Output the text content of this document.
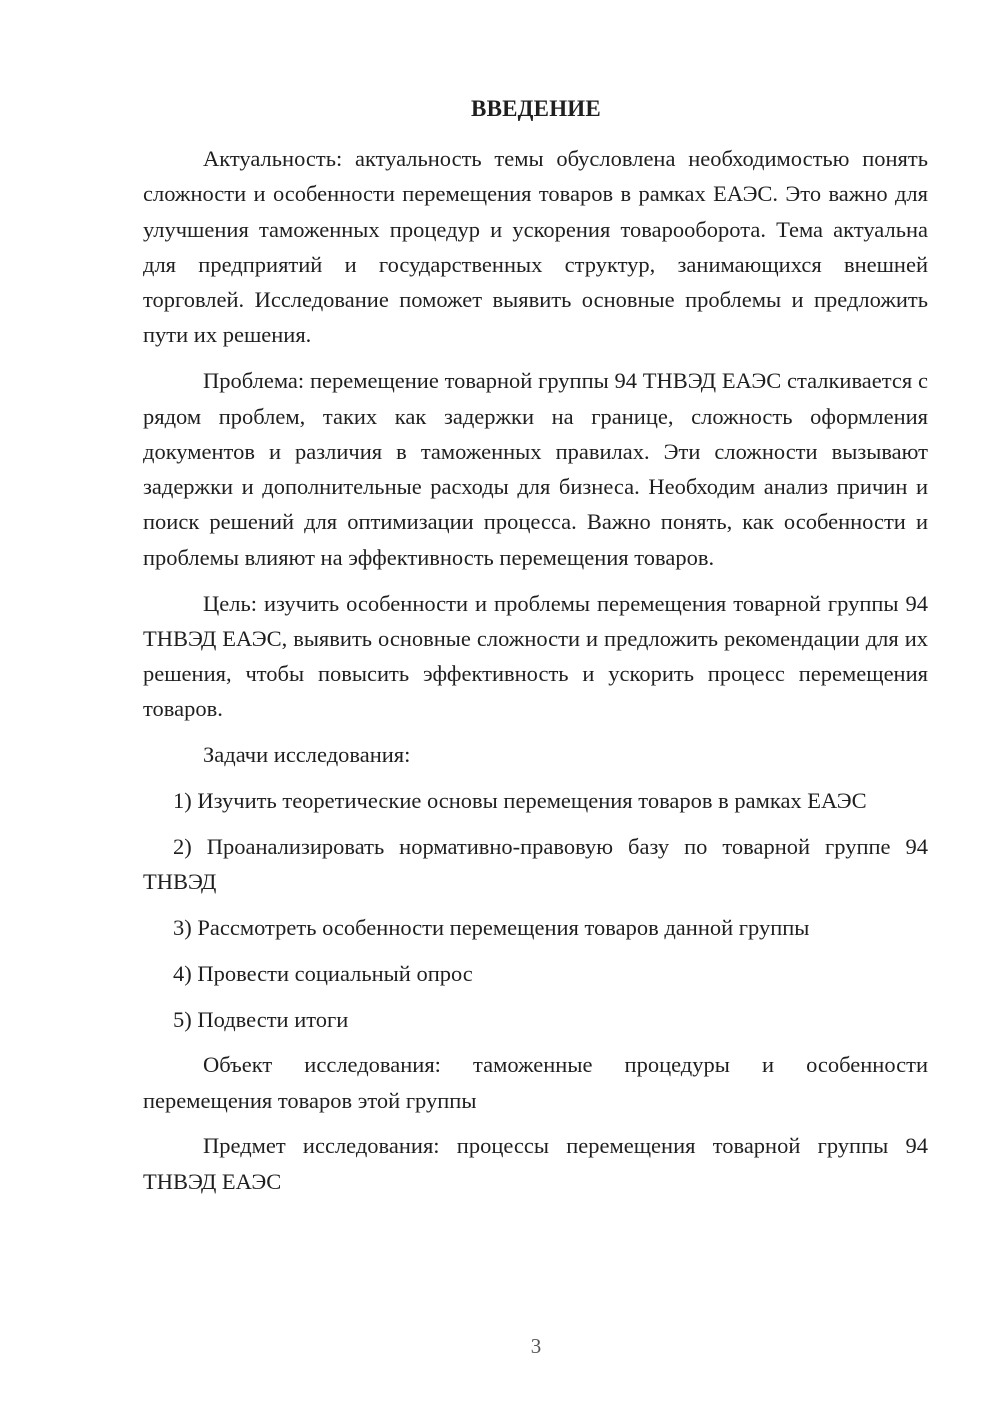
ВВЕДЕНИЕ

Актуальность: актуальность темы обусловлена необходимостью понять сложности и особенности перемещения товаров в рамках ЕАЭС. Это важно для улучшения таможенных процедур и ускорения товарооборота. Тема актуальна для предприятий и государственных структур, занимающихся внешней торговлей. Исследование поможет выявить основные проблемы и предложить пути их решения.

Проблема: перемещение товарной группы 94 ТНВЭД ЕАЭС сталкивается с рядом проблем, таких как задержки на границе, сложность оформления документов и различия в таможенных правилах. Эти сложности вызывают задержки и дополнительные расходы для бизнеса. Необходим анализ причин и поиск решений для оптимизации процесса. Важно понять, как особенности и проблемы влияют на эффективность перемещения товаров.

Цель: изучить особенности и проблемы перемещения товарной группы 94 ТНВЭД ЕАЭС, выявить основные сложности и предложить рекомендации для их решения, чтобы повысить эффективность и ускорить процесс перемещения товаров.

Задачи исследования:

1) Изучить теоретические основы перемещения товаров в рамках ЕАЭС

2) Проанализировать нормативно-правовую базу по товарной группе 94 ТНВЭД

3) Рассмотреть особенности перемещения товаров данной группы

4) Провести социальный опрос

5) Подвести итоги

Объект исследования: таможенные процедуры и особенности перемещения товаров этой группы

Предмет исследования: процессы перемещения товарной группы 94 ТНВЭД ЕАЭС

3
